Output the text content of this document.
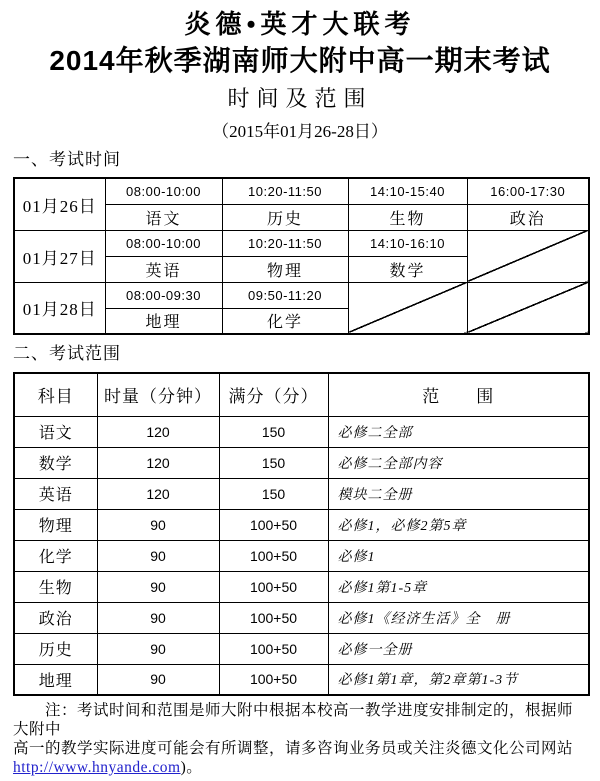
炎德•英才大联考
2014年秋季湖南师大附中高一期末考试
时间及范围
（2015年01月26-28日）
一、考试时间
01月26日	08:00-10:00	10:20-11:50	14:10-15:40	16:00-17:30
	语文	历史	生物	政治
01月27日	08:00-10:00	10:20-11:50	14:10-16:10	
	英语	物理	数学	
01月28日	08:00-09:30	09:50-11:20		
	地理	化学		
二、考试范围
科目	时量（分钟）	满分（分）	范　　围
语文	120	150	必修二全部
数学	120	150	必修二全部内容
英语	120	150	模块二全册
物理	90	100+50	必修1，必修2第5章
化学	90	100+50	必修1
生物	90	100+50	必修1第1-5章
政治	90	100+50	必修1《经济生活》全　册
历史	90	100+50	必修一全册
地理	90	100+50	必修1第1章，第2章第1-3节
注：考试时间和范围是师大附中根据本校高一教学进度安排制定的，根据师大附中
高一的教学实际进度可能会有所调整，请多咨询业务员或关注炎德文化公司网站
http://www.hnyande.com)。
